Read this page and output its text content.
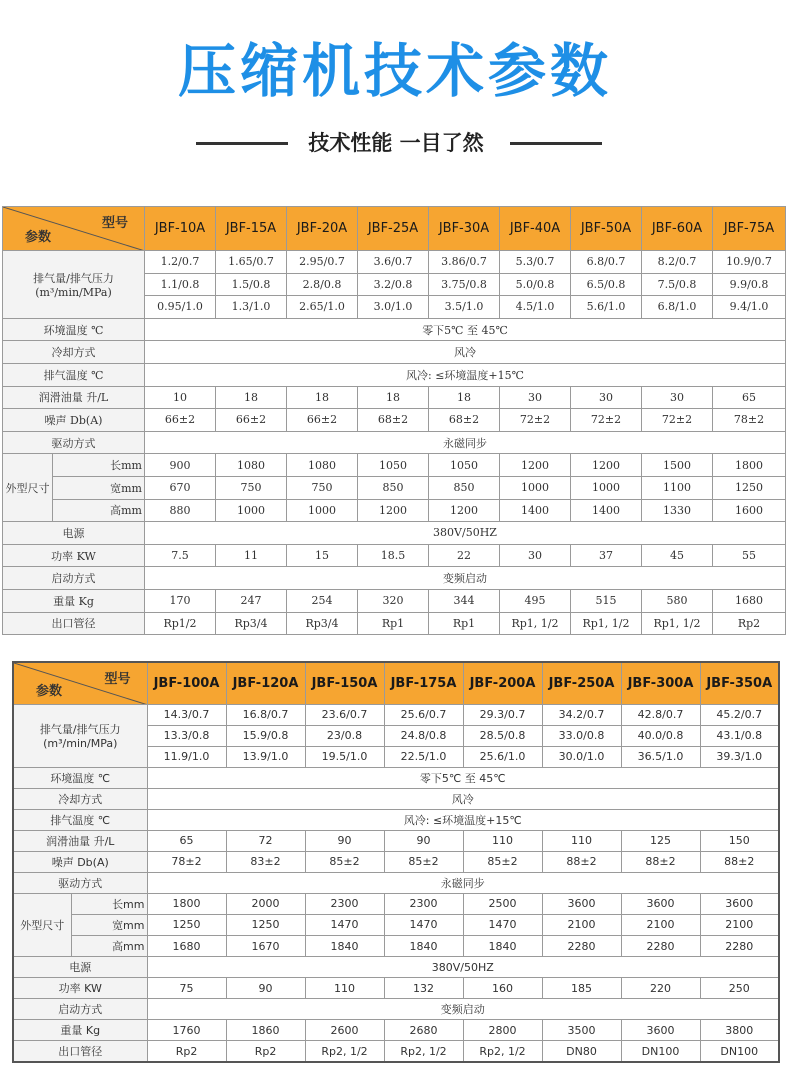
压缩机技术参数
技术性能 一目了然
型号
参数		JBF-10A	JBF-15A	JBF-20A	JBF-25A	JBF-30A	JBF-40A	JBF-50A	JBF-60A	JBF-75A

排气量/排气压力
(m³/min/MPa)		1.2/0.7	1.65/0.7	2.95/0.7	3.6/0.7	3.86/0.7	5.3/0.7	6.8/0.7	8.2/0.7	10.9/0.7
		1.1/0.8	1.5/0.8	2.8/0.8	3.2/0.8	3.75/0.8	5.0/0.8	6.5/0.8	7.5/0.8	9.9/0.8
		0.95/1.0	1.3/1.0	2.65/1.0	3.0/1.0	3.5/1.0	4.5/1.0	5.6/1.0	6.8/1.0	9.4/1.0
环境温度 ℃		零下5℃ 至 45℃								
冷却方式		风冷								
排气温度 ℃		风冷: ≤环境温度+15℃								
润滑油量 升/L		10	18	18	18	18	30	30	30	65
噪声 Db(A)		66±2	66±2	66±2	68±2	68±2	72±2	72±2	72±2	78±2
驱动方式		永磁同步								
外型尺寸	长mm	900	1080	1080	1050	1050	1200	1200	1500	1800
	宽mm	670	750	750	850	850	1000	1000	1100	1250
	高mm	880	1000	1000	1200	1200	1400	1400	1330	1600
电源		380V/50HZ								
功率 KW		7.5	11	15	18.5	22	30	37	45	55
启动方式		变频启动								
重量 Kg		170	247	254	320	344	495	515	580	1680
出口管径		Rp1/2	Rp3/4	Rp3/4	Rp1	Rp1	Rp1, 1/2	Rp1, 1/2	Rp1, 1/2	Rp2
型号
参数		JBF-100A	JBF-120A	JBF-150A	JBF-175A	JBF-200A	JBF-250A	JBF-300A	JBF-350A

排气量/排气压力
(m³/min/MPa)		14.3/0.7	16.8/0.7	23.6/0.7	25.6/0.7	29.3/0.7	34.2/0.7	42.8/0.7	45.2/0.7
		13.3/0.8	15.9/0.8	23/0.8	24.8/0.8	28.5/0.8	33.0/0.8	40.0/0.8	43.1/0.8
		11.9/1.0	13.9/1.0	19.5/1.0	22.5/1.0	25.6/1.0	30.0/1.0	36.5/1.0	39.3/1.0
环境温度 ℃		零下5℃ 至 45℃							
冷却方式		风冷							
排气温度 ℃		风冷: ≤环境温度+15℃							
润滑油量 升/L		65	72	90	90	110	110	125	150
噪声 Db(A)		78±2	83±2	85±2	85±2	85±2	88±2	88±2	88±2
驱动方式		永磁同步							
外型尺寸	长mm	1800	2000	2300	2300	2500	3600	3600	3600
	宽mm	1250	1250	1470	1470	1470	2100	2100	2100
	高mm	1680	1670	1840	1840	1840	2280	2280	2280
电源		380V/50HZ							
功率 KW		75	90	110	132	160	185	220	250
启动方式		变频启动							
重量 Kg		1760	1860	2600	2680	2800	3500	3600	3800
出口管径		Rp2	Rp2	Rp2, 1/2	Rp2, 1/2	Rp2, 1/2	DN80	DN100	DN100
